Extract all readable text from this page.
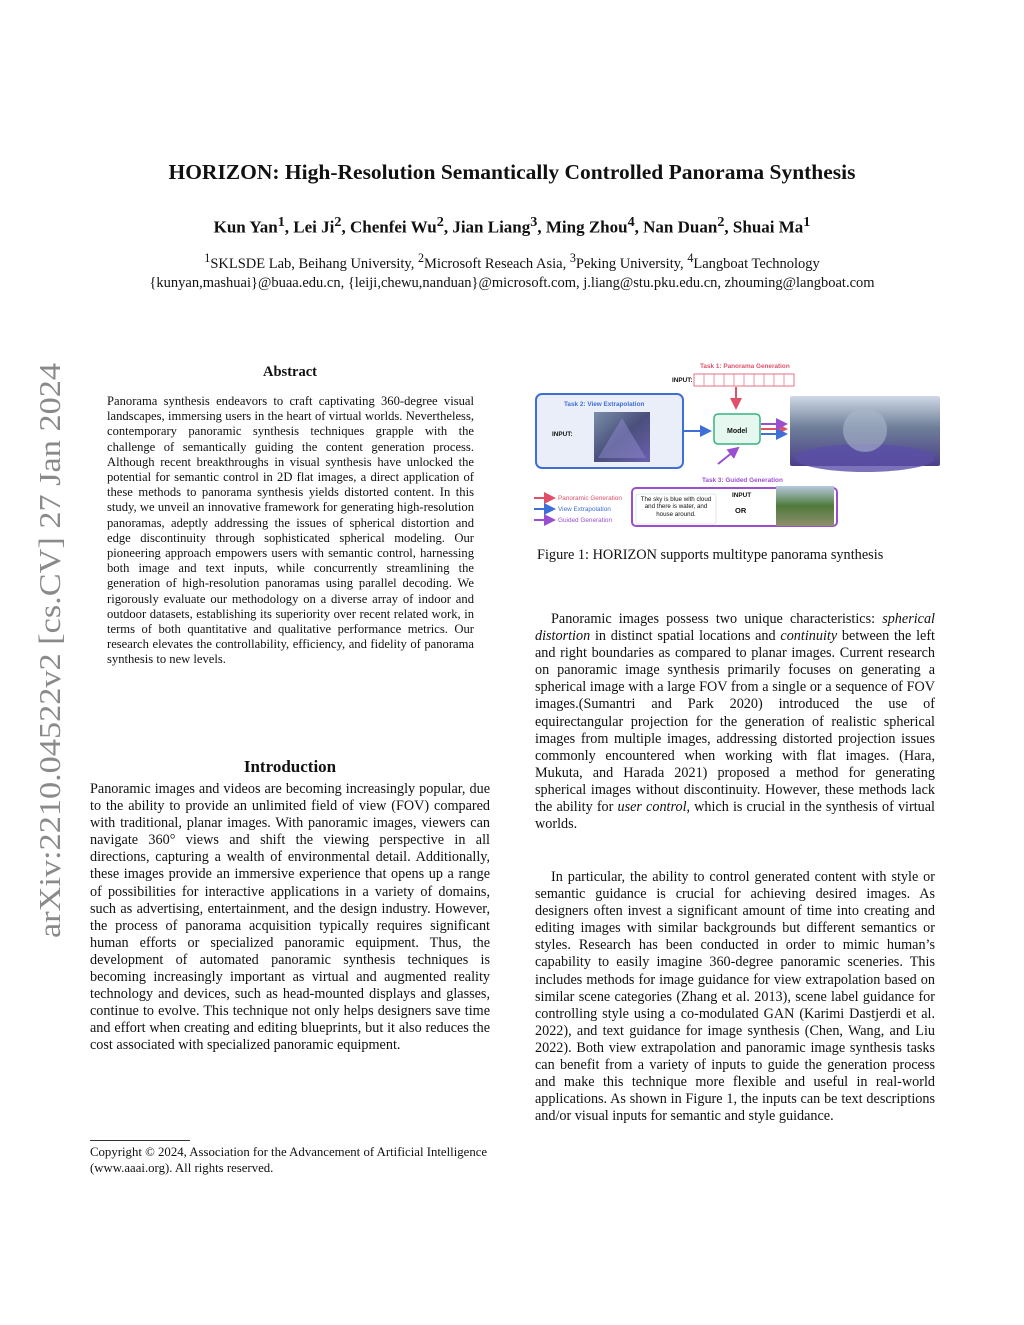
HORIZON: High-Resolution Semantically Controlled Panorama Synthesis
Kun Yan$^1$, Lei Ji$^2$, Chenfei Wu$^2$, Jian Liang$^3$, Ming Zhou$^4$, Nan Duan$^2$, Shuai Ma$^1$
$^1$SKLSDE Lab, Beihang University, $^2$Microsoft Reseach Asia, $^3$Peking University, $^4$Langboat Technology
{kunyan,mashuai}@buaa.edu.cn, {leiji,chewu,nanduan}@microsoft.com, j.liang@stu.pku.edu.cn, zhouming@langboat.com
arXiv:2210.04522v2 [cs.CV] 27 Jan 2024
Abstract
Panorama synthesis endeavors to craft captivating 360-degree visual landscapes, immersing users in the heart of virtual worlds. Nevertheless, contemporary panoramic synthesis techniques grapple with the challenge of semantically guiding the content generation process. Although recent breakthroughs in visual synthesis have unlocked the potential for semantic control in 2D flat images, a direct application of these methods to panorama synthesis yields distorted content. In this study, we unveil an innovative framework for generating high-resolution panoramas, adeptly addressing the issues of spherical distortion and edge discontinuity through sophisticated spherical modeling. Our pioneering approach empowers users with semantic control, harnessing both image and text inputs, while concurrently streamlining the generation of high-resolution panoramas using parallel decoding. We rigorously evaluate our methodology on a diverse array of indoor and outdoor datasets, establishing its superiority over recent related work, in terms of both quantitative and qualitative performance metrics. Our research elevates the controllability, efficiency, and fidelity of panorama synthesis to new levels.
Introduction
Panoramic images and videos are becoming increasingly popular, due to the ability to provide an unlimited field of view (FOV) compared with traditional, planar images. With panoramic images, viewers can navigate 360° views and shift the viewing perspective in all directions, capturing a wealth of environmental detail. Additionally, these images provide an immersive experience that opens up a range of possibilities for interactive applications in a variety of domains, such as advertising, entertainment, and the design industry. However, the process of panorama acquisition typically requires significant human efforts or specialized panoramic equipment. Thus, the development of automated panoramic synthesis techniques is becoming increasingly important as virtual and augmented reality technology and devices, such as head-mounted displays and glasses, continue to evolve. This technique not only helps designers save time and effort when creating and editing blueprints, but it also reduces the cost associated with specialized panoramic equipment.
Copyright © 2024, Association for the Advancement of Artificial Intelligence (www.aaai.org). All rights reserved.
Task 1: Panorama Generation
INPUT:
Task 2: View Extrapolation
INPUT:	Model
Task 3: Guided Generation
The sky is blue with cloud and there is water, and house around.
INPUT
OR
Panoramic Generation
View Extrapolation
Guided Generation
Figure 1: HORIZON supports multitype panorama synthesis
Panoramic images possess two unique characteristics: spherical distortion in distinct spatial locations and continuity between the left and right boundaries as compared to planar images. Current research on panoramic image synthesis primarily focuses on generating a spherical image with a large FOV from a single or a sequence of FOV images.(Sumantri and Park 2020) introduced the use of equirectangular projection for the generation of realistic spherical images from multiple images, addressing distorted projection issues commonly encountered when working with flat images. (Hara, Mukuta, and Harada 2021) proposed a method for generating spherical images without discontinuity. However, these methods lack the ability for user control, which is crucial in the synthesis of virtual worlds.
In particular, the ability to control generated content with style or semantic guidance is crucial for achieving desired images. As designers often invest a significant amount of time into creating and editing images with similar backgrounds but different semantics or styles. Research has been conducted in order to mimic human’s capability to easily imagine 360-degree panoramic sceneries. This includes methods for image guidance for view extrapolation based on similar scene categories (Zhang et al. 2013), scene label guidance for controlling style using a co-modulated GAN (Karimi Dastjerdi et al. 2022), and text guidance for image synthesis (Chen, Wang, and Liu 2022). Both view extrapolation and panoramic image synthesis tasks can benefit from a variety of inputs to guide the generation process and make this technique more flexible and useful in real-world applications. As shown in Figure 1, the inputs can be text descriptions and/or visual inputs for semantic and style guidance.
